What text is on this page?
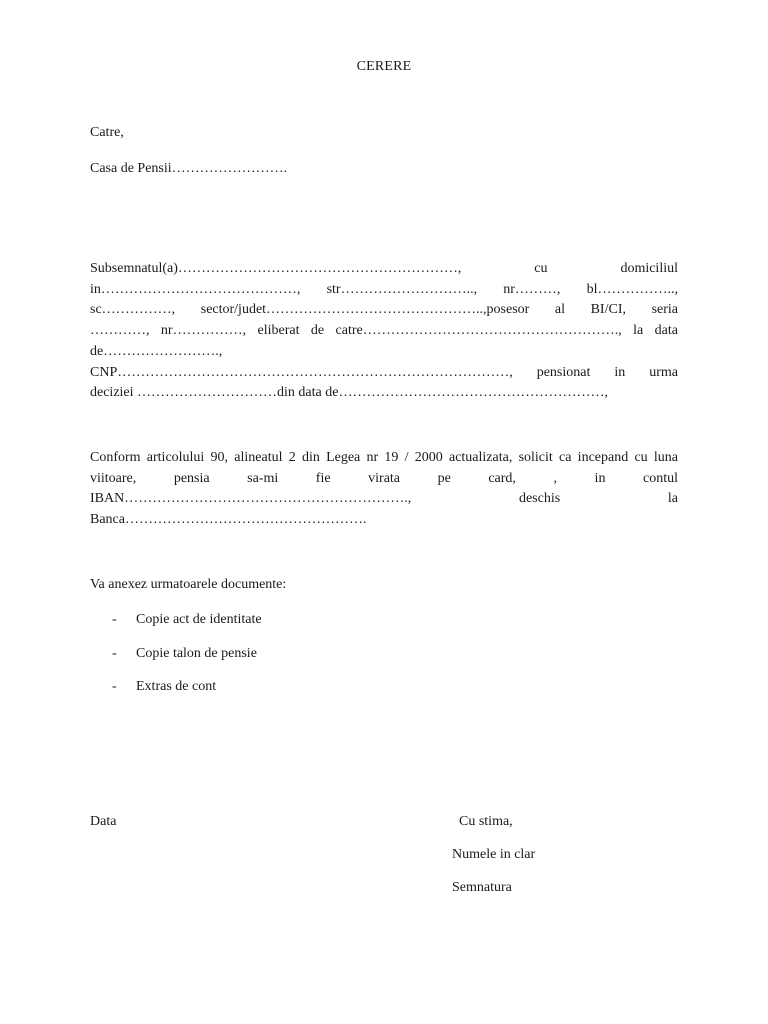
CERERE
Catre,
Casa de Pensii…………………….
Subsemnatul(a)……………………………………………………, cu domiciliul
in……………………………………, str……………………….., nr………, bl……………..,
sc……………, sector/judet………………………………………..,posesor al BI/CI, seria
…………, nr……………, eliberat de catre………………………………………………., la data
de…………………….,
CNP…………………………………………………………………………, pensionat in urma
deciziei …………………………din data de…………………………………………………,
Conform articolului 90, alineatul 2 din Legea nr 19 / 2000 actualizata, solicit ca incepand cu luna
viitoare, pensia sa-mi fie virata pe card, , in contul
IBAN……………………………………………………., deschis la
Banca…………………………………………….
Va anexez urmatoarele documente:
- Copie act de identitate
- Copie talon de pensie
- Extras de cont
Data	Cu stima,
Numele in clar
Semnatura
